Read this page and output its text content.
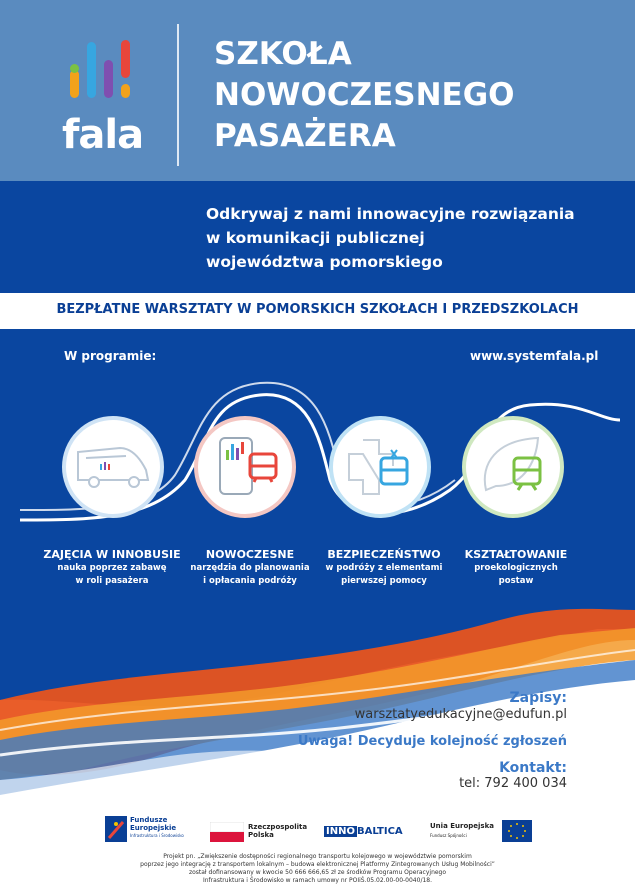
fala
SZKOŁA
NOWOCZESNEGO
PASAŻERA
Odkrywaj z nami innowacyjne rozwiązania
w komunikacji publicznej
województwa pomorskiego
BEZPŁATNE WARSZTATY W POMORSKICH SZKOŁACH I PRZEDSZKOLACH
W programie:	www.systemfala.pl
ZAJĘCIA W INNOBUSIE
nauka poprzez zabawę
w roli pasażera
NOWOCZESNE
narzędzia do planowania
i opłacania podróży
BEZPIECZEŃSTWO
w podróży z elementami
pierwszej pomocy
KSZTAŁTOWANIE
proekologicznych
postaw
Zapisy:
warsztatyedukacyjne@edufun.pl
Uwaga! Decyduje kolejność zgłoszeń
Kontakt:
tel: 792 400 034
Fundusze
Europejskie
Infrastruktura i Środowisko
Rzeczpospolita
Polska	INNO BALTICA	Unia Europejska
Fundusz Spójności
Projekt pn. „Zwiększenie dostępności regionalnego transportu kolejowego w województwie pomorskim
poprzez jego integrację z transportem lokalnym – budowa elektronicznej Platformy Zintegrowanych Usług Mobilności”
został dofinansowany w kwocie 50 666 666,65 zł ze środków Programu Operacyjnego
Infrastruktura i Środowisko w ramach umowy nr POIiŚ.05.02.00-00-0040/18.
